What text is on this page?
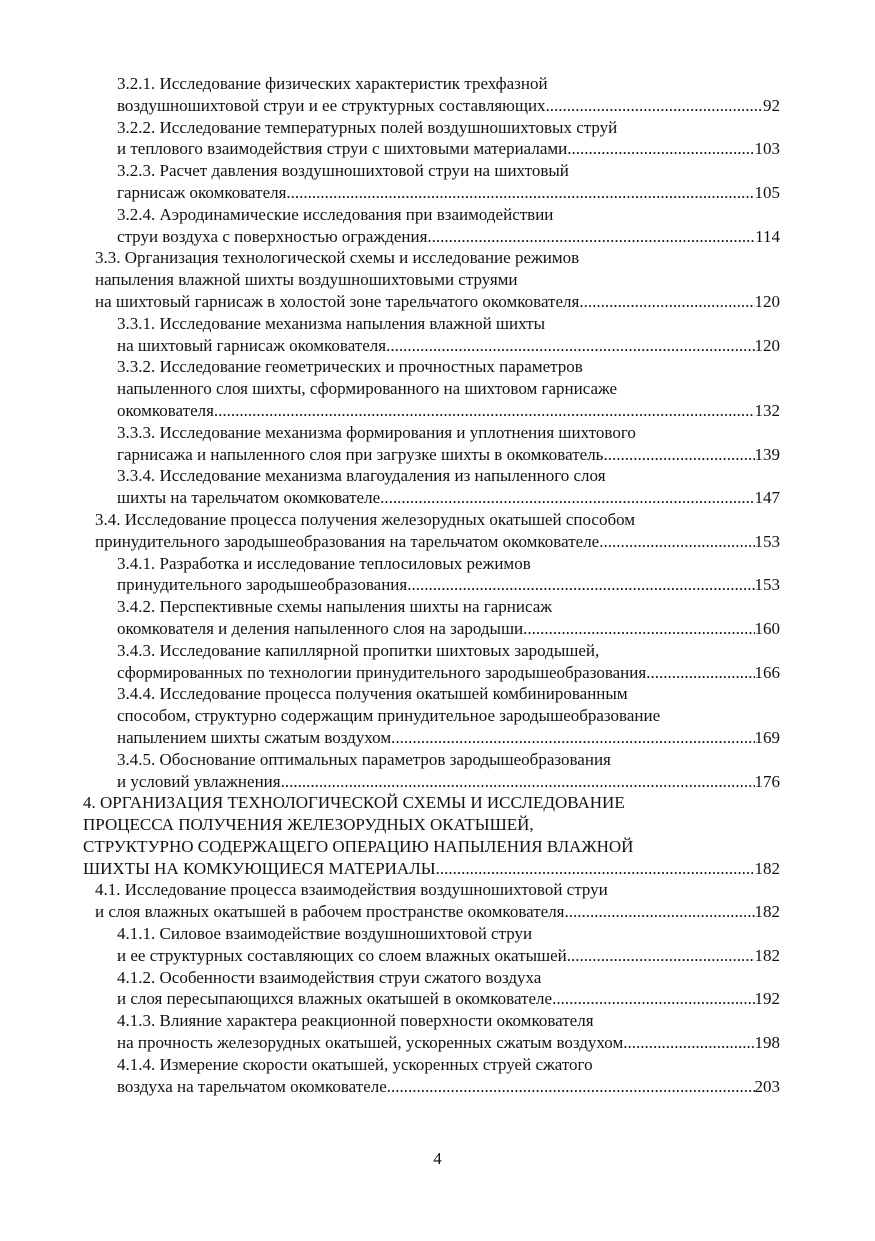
3.2.1. Исследование физических характеристик трехфазной
воздушношихтовой струи и ее структурных составляющих .....	92
3.2.2. Исследование температурных полей воздушношихтовых струй
и теплового взаимодействия струи с шихтовыми материалами .....	103
3.2.3. Расчет давления воздушношихтовой струи на шихтовый
гарнисаж окомкователя .....	105
3.2.4. Аэродинамические исследования при взаимодействии
струи воздуха с поверхностью ограждения .....	114
3.3. Организация технологической схемы и исследование режимов
напыления влажной шихты воздушношихтовыми струями
на шихтовый гарнисаж в холостой зоне тарельчатого окомкователя .....	120
3.3.1. Исследование механизма напыления влажной шихты
на шихтовый гарнисаж окомкователя .....	120
3.3.2. Исследование геометрических и прочностных параметров
напыленного слоя шихты, сформированного на шихтовом гарнисаже
окомкователя .....	132
3.3.3. Исследование механизма формирования и уплотнения шихтового
гарнисажа и напыленного слоя при загрузке шихты в окомкователь .....	139
3.3.4. Исследование механизма влагоудаления из напыленного слоя
шихты на тарельчатом окомкователе .....	147
3.4. Исследование процесса получения железорудных окатышей способом
принудительного зародышеобразования на тарельчатом окомкователе .....	153
3.4.1. Разработка и исследование теплосиловых режимов
принудительного зародышеобразования .....	153
3.4.2. Перспективные схемы напыления шихты на гарнисаж
окомкователя и деления напыленного слоя на зародыши .....	160
3.4.3. Исследование капиллярной пропитки шихтовых зародышей,
сформированных по технологии принудительного зародышеобразования .....	166
3.4.4. Исследование процесса получения окатышей комбинированным
способом, структурно содержащим принудительное зародышеобразование
напылением шихты сжатым воздухом .....	169
3.4.5. Обоснование оптимальных параметров зародышеобразования
и условий увлажнения .....	176
4. ОРГАНИЗАЦИЯ ТЕХНОЛОГИЧЕСКОЙ СХЕМЫ И ИССЛЕДОВАНИЕ
ПРОЦЕССА ПОЛУЧЕНИЯ ЖЕЛЕЗОРУДНЫХ ОКАТЫШЕЙ,
СТРУКТУРНО СОДЕРЖАЩЕГО ОПЕРАЦИЮ НАПЫЛЕНИЯ ВЛАЖНОЙ
ШИХТЫ НА КОМКУЮЩИЕСЯ МАТЕРИАЛЫ .....	182
4.1. Исследование процесса взаимодействия воздушношихтовой струи
и слоя влажных окатышей в рабочем пространстве окомкователя .....	182
4.1.1. Силовое взаимодействие воздушношихтовой струи
и ее структурных составляющих со слоем влажных окатышей .....	182
4.1.2. Особенности взаимодействия струи сжатого воздуха
и слоя пересыпающихся влажных окатышей в окомкователе .....	192
4.1.3. Влияние характера реакционной поверхности окомкователя
на прочность железорудных окатышей, ускоренных сжатым воздухом .....	198
4.1.4. Измерение скорости окатышей, ускоренных струей сжатого
воздуха на тарельчатом окомкователе .....	203
4
